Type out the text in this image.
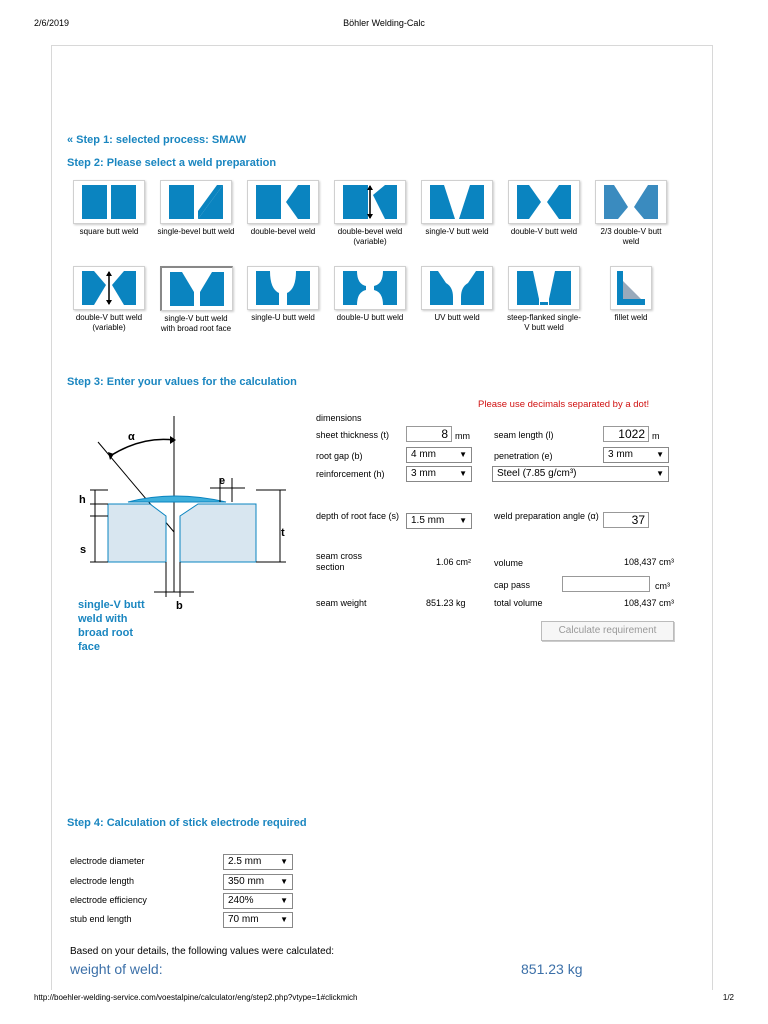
2/6/2019	Böhler Welding-Calc
« Step 1: selected process: SMAW
Step 2: Please select a weld preparation
square butt weld	single-bevel butt weld	double-bevel weld	double-bevel weld (variable)
single-V butt weld	double-V butt weld	2/3 double-V butt weld
double-V butt weld (variable)
single-V butt weld with broad root face
single-U butt weld	double-U butt weld	UV butt weld	steep-flanked single-V butt weld
fillet weld
Step 3: Enter your values for the calculation
Please use decimals separated by a dot!
α
e
h
s
t
b
single-V butt weld with broad root face
dimensions
sheet thickness (t)	8 mm	seam length (l)	1022 m
root gap (b)	4 mm	▼	penetration (e)	3 mm	▼
reinforcement (h)	3 mm	▼	Steel (7.85 g/cm³)	▼
depth of root face (s)	1.5 mm ▼	weld preparation angle (α)	37
seam cross section	1.06 cm²	volume	108,437 cm³
cap pass	cm³
seam weight	851.23 kg	total volume	108,437 cm³
Calculate requirement
Step 4: Calculation of stick electrode required
electrode diameter	2.5 mm ▼
electrode length	350 mm ▼
electrode efficiency	240%	▼
stub end length	70 mm	▼
Based on your details, the following values were calculated:
weight of weld:	851.23 kg
http://boehler-welding-service.com/voestalpine/calculator/eng/step2.php?vtype=1#clickmich	1/2
